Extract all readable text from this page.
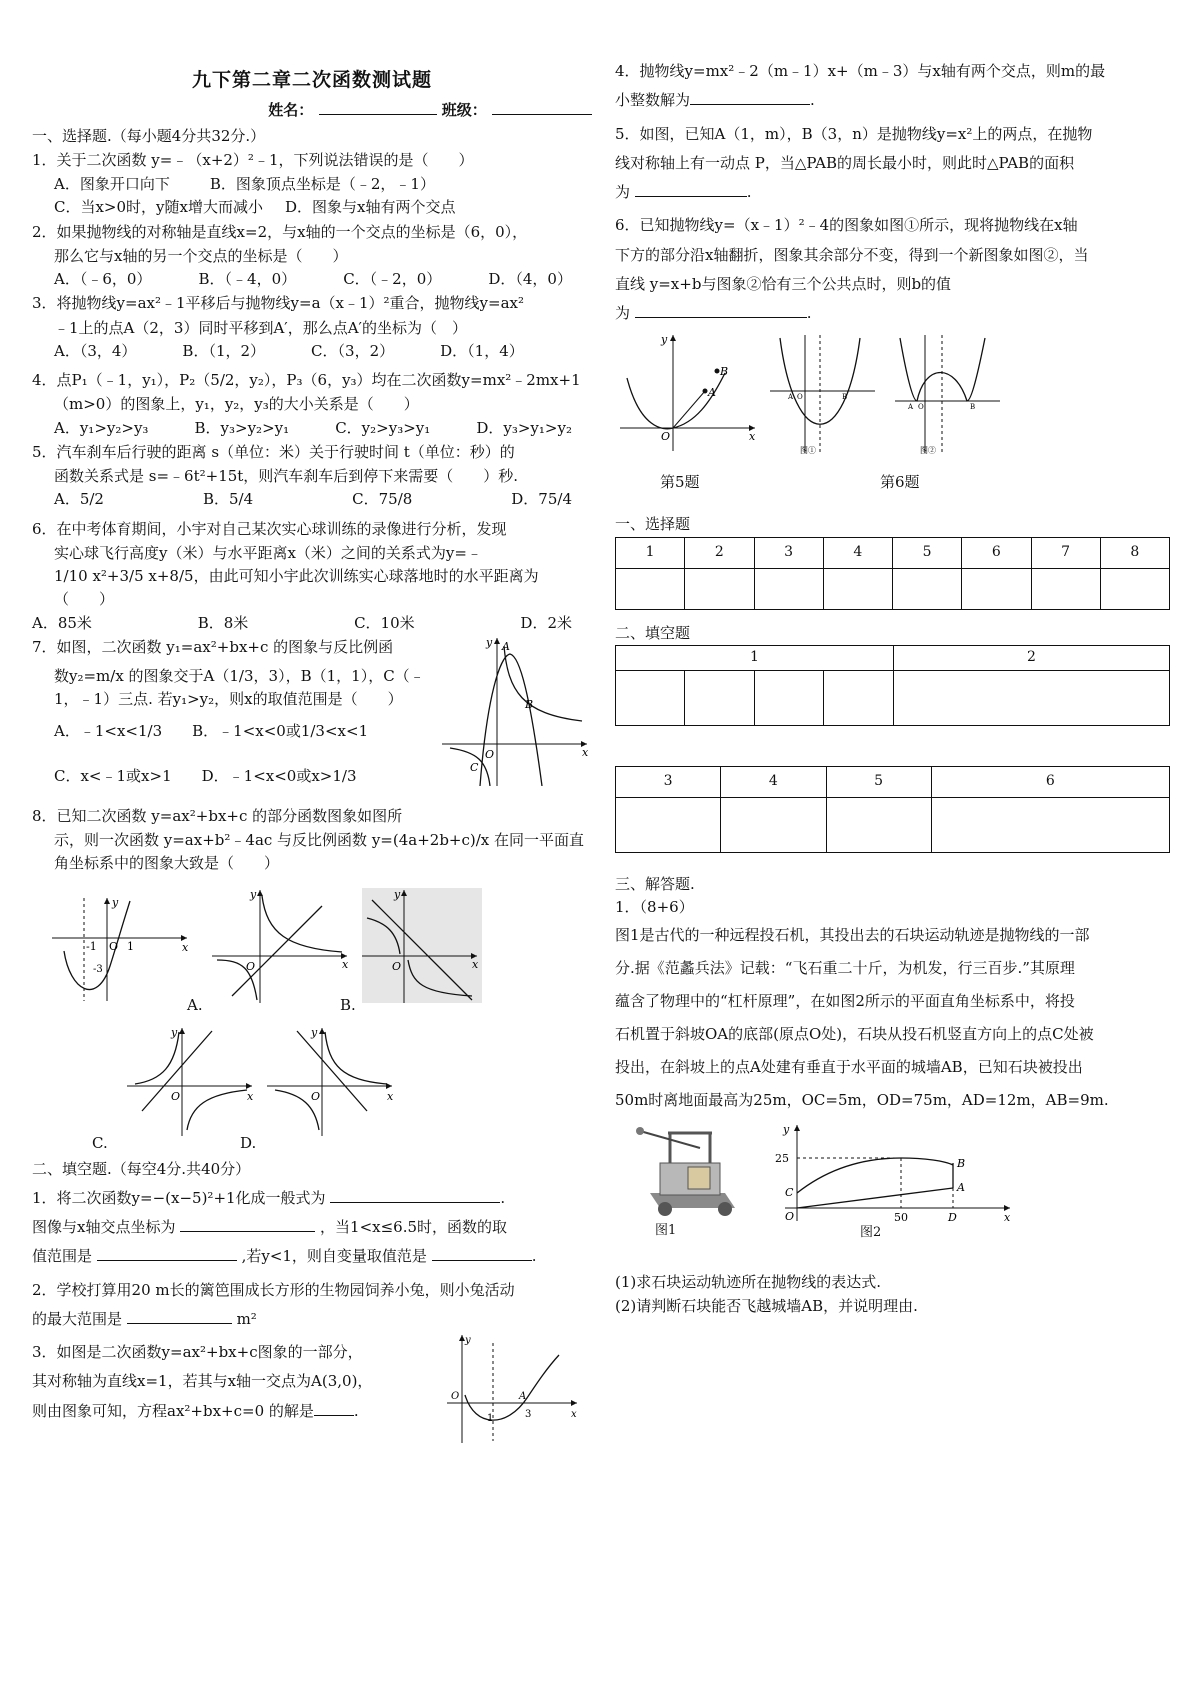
九下第二章二次函数测试题
姓名：	班级：
一、选择题.（每小题4分共32分.）
1．关于二次函数 y=﹣（x+2）²﹣1，下列说法错误的是（　　）
A．图象开口向下	B．图象顶点坐标是（﹣2，﹣1）
C．当x>0时，y随x增大而减小 D．图象与x轴有两个交点
2．如果抛物线的对称轴是直线x=2，与x轴的一个交点的坐标是（6，0），
那么它与x轴的另一个交点的坐标是（　　）
A．（﹣6，0）	B．（﹣4，0）	C．（﹣2，0）	D．（4，0）
3．将抛物线y=ax²﹣1平移后与抛物线y=a（x﹣1）²重合，抛物线y=ax²
﹣1上的点A（2，3）同时平移到A′，那么点A′的坐标为（　）
A．（3，4）	B．（1，2）	C．（3，2）	D．（1，4）
4．点P₁（﹣1，y₁），P₂（5/2，y₂），P₃（6，y₃）均在二次函数y=mx²﹣2mx+1
（m>0）的图象上，y₁，y₂，y₃的大小关系是（　　）
A．y₁>y₂>y₃	B．y₃>y₂>y₁	C．y₂>y₃>y₁	D．y₃>y₁>y₂
5．汽车刹车后行驶的距离 s（单位：米）关于行驶时间 t（单位：秒）的
函数关系式是 s=﹣6t²+15t，则汽车刹车后到停下来需要（　　）秒.
A．5/2	B．5/4	C．75/8	D．75/4
6．在中考体育期间，小宇对自己某次实心球训练的录像进行分析，发现
实心球飞行高度y（米）与水平距离x（米）之间的关系式为y=﹣
1/10 x²+3/5 x+8/5，由此可知小宇此次训练实心球落地时的水平距离为
（　　）
A．85米	B．8米	C．10米	D．2米
7．如图，二次函数 y₁=ax²+bx+c 的图象与反比例函
数y₂=m/x 的图象交于A（1/3，3），B（1，1），C（﹣
1，﹣1）三点. 若y₁>y₂，则x的取值范围是（　　）
A．﹣1<x<1/3 B．﹣1<x<0或1/3<x<1
C．x<﹣1或x>1 D．﹣1<x<0或x>1/3
A
B
C
O	x
y
8．已知二次函数 y=ax²+bx+c 的部分函数图象如图所
示，则一次函数 y=ax+b²﹣4ac 与反比例函数 y=(4a+2b+c)/x 在同一平面直
角坐标系中的图象大致是（　　）
-1 O 1
-3
x
y
O	x
y
A.
O	x
y
B.
O	x
y
C.
O	x
y
D.
二、填空题.（每空4分.共40分）
1．将二次函数y=−(x−5)²+1化成一般式为	.
图像与x轴交点坐标为	，当1<x≤6.5时，函数的取
值范围是	,若y<1，则自变量取值范是	.
2．学校打算用20 m长的篱笆围成长方形的生物园饲养小兔，则小兔活动
的最大范围是	m²
3．如图是二次函数y=ax²+bx+c图象的一部分，
其对称轴为直线x=1，若其与x轴一交点为A(3,0)，
则由图象可知，方程ax²+bx+c=0 的解是	.
O
1
A
3	x
y
4．抛物线y=mx²﹣2（m﹣1）x+（m﹣3）与x轴有两个交点，则m的最
小整数解为	.
5．如图，已知A（1，m），B（3，n）是抛物线y=x²上的两点，在抛物
线对称轴上有一动点 P，当△PAB的周长最小时，则此时△PAB的面积
为	.
6．已知抛物线y=（x﹣1）²﹣4的图象如图①所示，现将抛物线在x轴
下方的部分沿x轴翻折，图象其余部分不变，得到一个新图象如图②，当
直线 y=x+b与图象②恰有三个公共点时，则b的值
为	.
A
B
O	x
y
A O	B
图①
A O	B
图②
第5题	第6题
一、选择题
1	2	3	4	5	6	7	8

二、填空题
1				2

3	4	5	6

三、解答题.
1．（8+6）
图1是古代的一种远程投石机，其投出去的石块运动轨迹是抛物线的一部
分.据《范蠡兵法》记载：“飞石重二十斤，为机发，行三百步.”其原理
蕴含了物理中的“杠杆原理”，在如图2所示的平面直角坐标系中，将投
石机置于斜坡OA的底部(原点O处)，石块从投石机竖直方向上的点C处被
投出，在斜坡上的点A处建有垂直于水平面的城墙AB，已知石块被投出
50m时离地面最高为25m，OC=5m，OD=75m，AD=12m，AB=9m.
图1
25
C
O	50	D
A
B
x
y
图2
(1)求石块运动轨迹所在抛物线的表达式.
(2)请判断石块能否飞越城墙AB，并说明理由.
